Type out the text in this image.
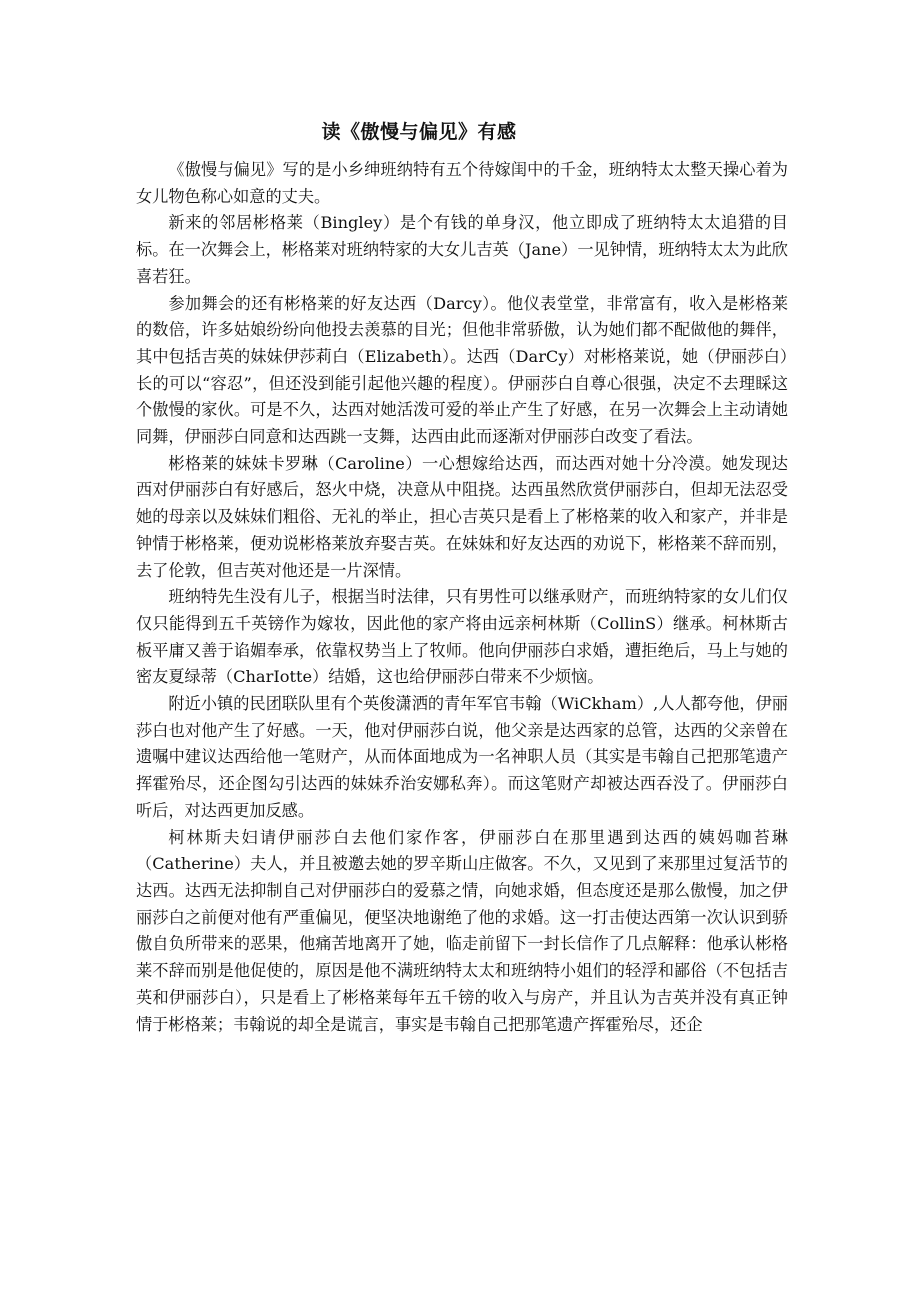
读《傲慢与偏见》有感

《傲慢与偏见》写的是小乡绅班纳特有五个待嫁闺中的千金，班纳特太太整天操心着为女儿物色称心如意的丈夫。

新来的邻居彬格莱（Bingley）是个有钱的单身汉，他立即成了班纳特太太追猎的目标。在一次舞会上，彬格莱对班纳特家的大女儿吉英（Jane）一见钟情，班纳特太太为此欣喜若狂。

参加舞会的还有彬格莱的好友达西（Darcy）。他仪表堂堂，非常富有，收入是彬格莱的数倍，许多姑娘纷纷向他投去羡慕的目光；但他非常骄傲，认为她们都不配做他的舞伴，其中包括吉英的妹妹伊莎莉白（Elizabeth）。达西（DarCy）对彬格莱说，她（伊丽莎白）长的可以“容忍”，但还没到能引起他兴趣的程度）。伊丽莎白自尊心很强，决定不去理睬这个傲慢的家伙。可是不久，达西对她活泼可爱的举止产生了好感，在另一次舞会上主动请她同舞，伊丽莎白同意和达西跳一支舞，达西由此而逐渐对伊丽莎白改变了看法。

彬格莱的妹妹卡罗琳（Caroline）一心想嫁给达西，而达西对她十分冷漠。她发现达西对伊丽莎白有好感后，怒火中烧，决意从中阻挠。达西虽然欣赏伊丽莎白，但却无法忍受她的母亲以及妹妹们粗俗、无礼的举止，担心吉英只是看上了彬格莱的收入和家产，并非是钟情于彬格莱，便劝说彬格莱放弃娶吉英。在妹妹和好友达西的劝说下，彬格莱不辞而别，去了伦敦，但吉英对他还是一片深情。

班纳特先生没有儿子，根据当时法律，只有男性可以继承财产，而班纳特家的女儿们仅仅只能得到五千英镑作为嫁妆，因此他的家产将由远亲柯林斯（CollinS）继承。柯林斯古板平庸又善于谄媚奉承，依靠权势当上了牧师。他向伊丽莎白求婚，遭拒绝后，马上与她的密友夏绿蒂（CharIotte）结婚，这也给伊丽莎白带来不少烦恼。

附近小镇的民团联队里有个英俊潇洒的青年军官韦翰（WiCkham）,人人都夸他，伊丽莎白也对他产生了好感。一天，他对伊丽莎白说，他父亲是达西家的总管，达西的父亲曾在遗嘱中建议达西给他一笔财产，从而体面地成为一名神职人员（其实是韦翰自己把那笔遗产挥霍殆尽，还企图勾引达西的妹妹乔治安娜私奔）。而这笔财产却被达西吞没了。伊丽莎白听后，对达西更加反感。

柯林斯夫妇请伊丽莎白去他们家作客，伊丽莎白在那里遇到达西的姨妈咖苔琳（Catherine）夫人，并且被邀去她的罗辛斯山庄做客。不久，又见到了来那里过复活节的达西。达西无法抑制自己对伊丽莎白的爱慕之情，向她求婚，但态度还是那么傲慢，加之伊丽莎白之前便对他有严重偏见，便坚决地谢绝了他的求婚。这一打击使达西第一次认识到骄傲自负所带来的恶果，他痛苦地离开了她，临走前留下一封长信作了几点解释：他承认彬格莱不辞而别是他促使的，原因是他不满班纳特太太和班纳特小姐们的轻浮和鄙俗（不包括吉英和伊丽莎白），只是看上了彬格莱每年五千镑的收入与房产，并且认为吉英并没有真正钟情于彬格莱；韦翰说的却全是谎言，事实是韦翰自己把那笔遗产挥霍殆尽，还企
